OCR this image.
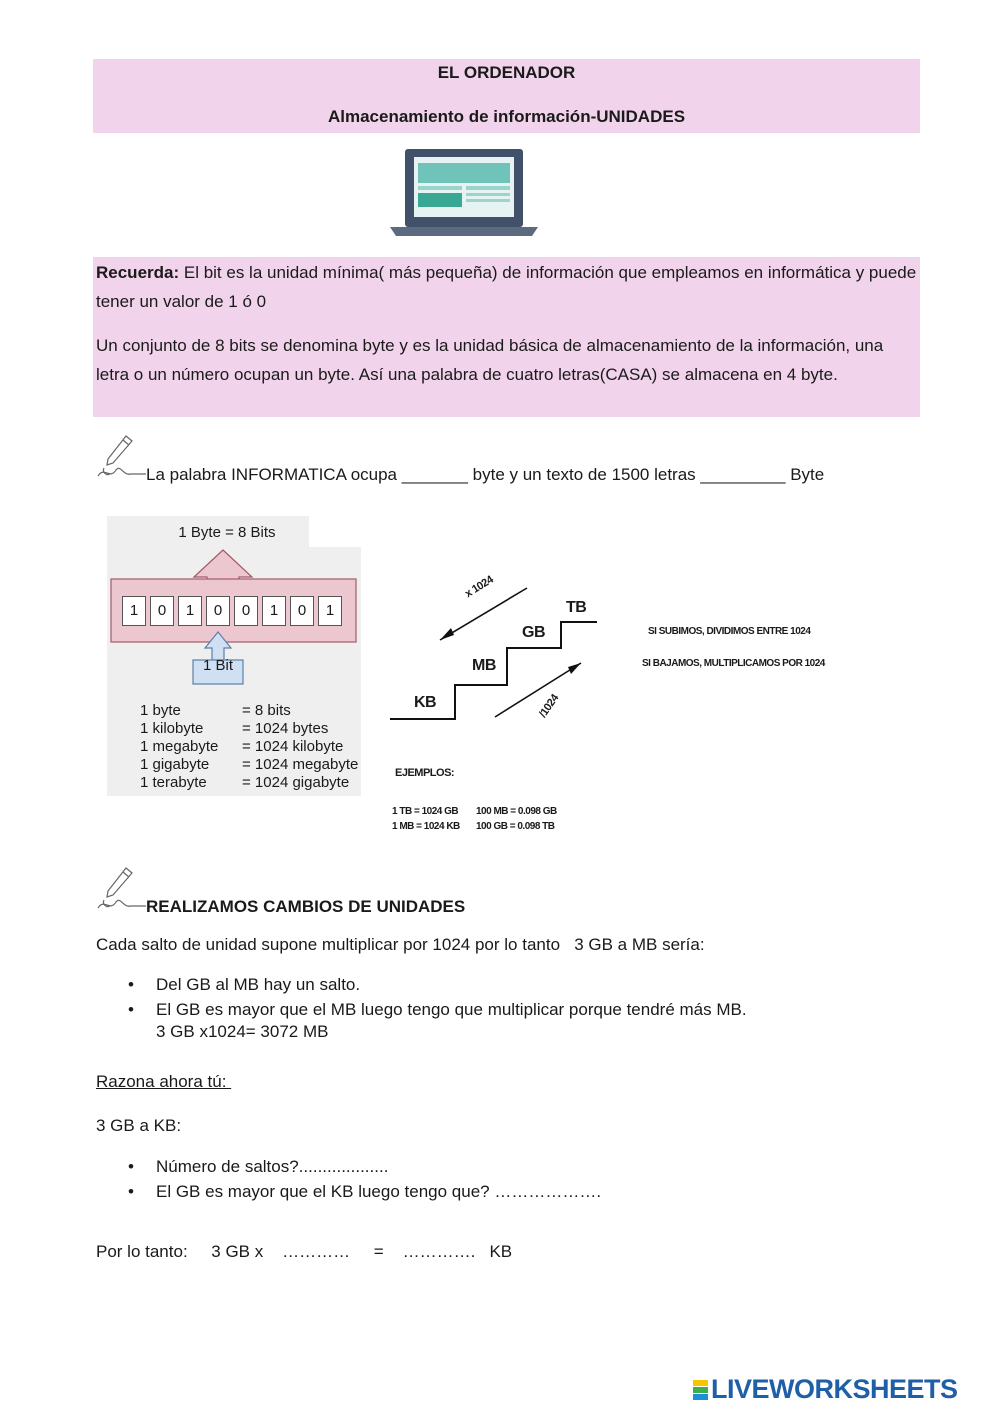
EL ORDENADOR
Almacenamiento de información-UNIDADES
Recuerda: El bit es la unidad mínima( más pequeña) de información que empleamos en informática y puede tener un valor de 1 ó 0
Un conjunto de 8 bits se denomina byte y es la unidad básica de almacenamiento de la información, una letra o un número ocupan un byte. Así una palabra de cuatro letras(CASA) se almacena en 4 byte.
La palabra INFORMATICA ocupa _______ byte y un texto de 1500 letras _________ Byte
1 Byte = 8 Bits
1	0	1	0	0	1	0	1
1 Bit
1 byte	= 8 bits
1 kilobyte	= 1024 bytes
1 megabyte	= 1024 kilobyte
1 gigabyte	= 1024 megabyte
1 terabyte	= 1024 gigabyte
KB
MB
GB
TB
x 1024
/1024
SI SUBIMOS, DIVIDIMOS ENTRE 1024
SI BAJAMOS, MULTIPLICAMOS POR 1024
EJEMPLOS:
1 TB = 1024 GB
1 MB = 1024 KB
100 MB = 0.098 GB
100 GB = 0.098 TB
REALIZAMOS CAMBIOS DE UNIDADES
Cada salto de unidad supone multiplicar por 1024 por lo tanto   3 GB a MB sería:
• Del GB al MB hay un salto.
• El GB es mayor que el MB luego tengo que multiplicar porque tendré más MB.
3 GB x1024= 3072 MB
Razona ahora tú:
3 GB a KB:
• Número de saltos?...................
• El GB es mayor que el KB luego tengo que? ……………….
Por lo tanto:     3 GB x    …………     =    ………….   KB
LIVEWORKSHEETS
